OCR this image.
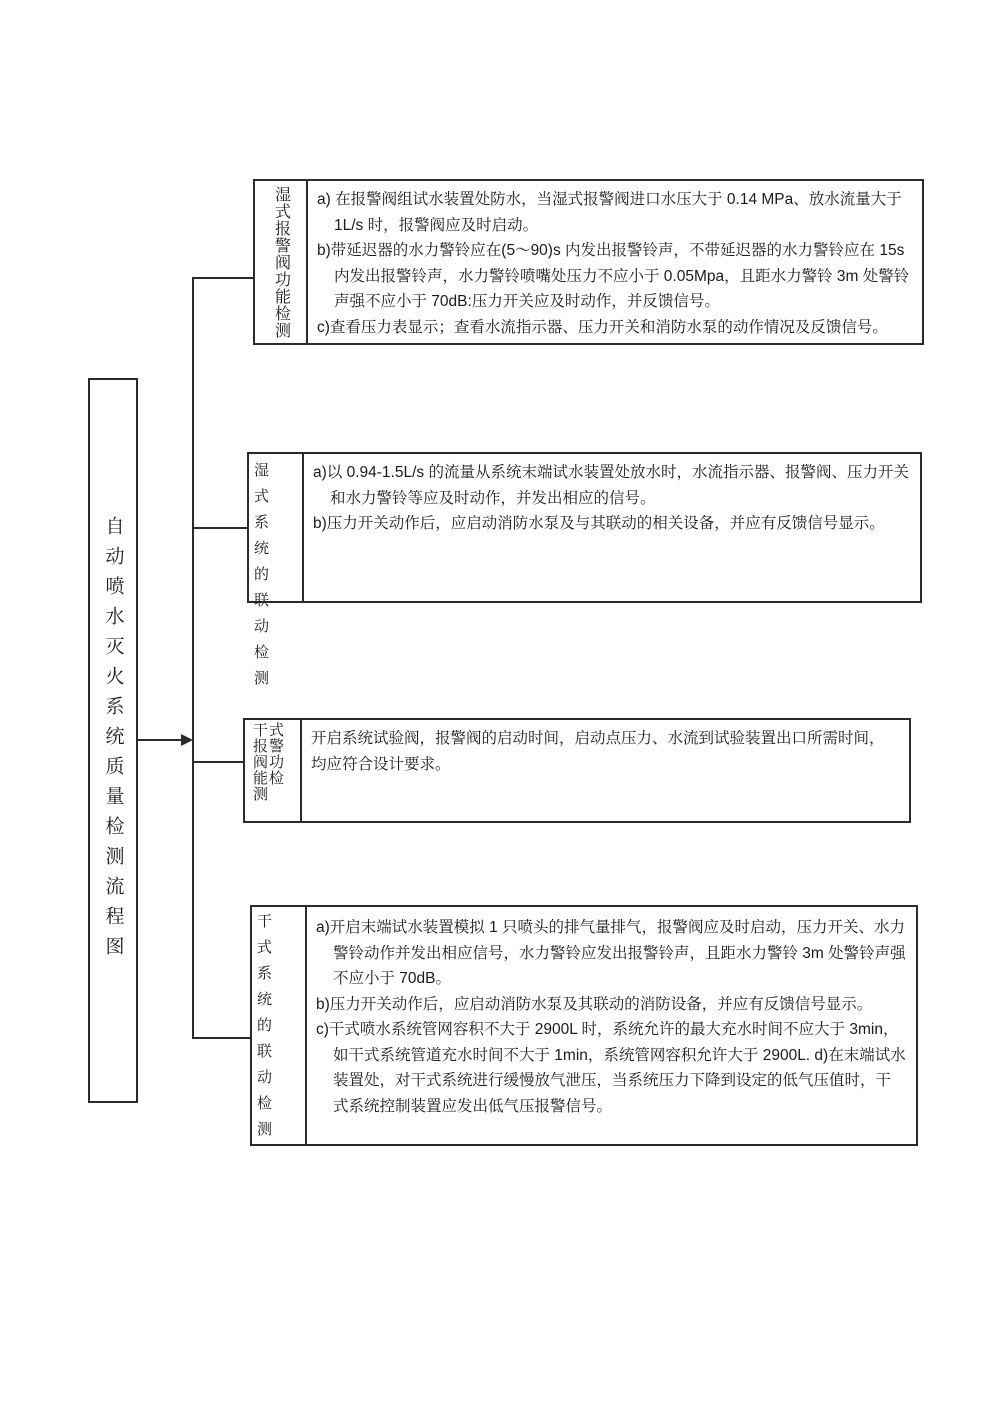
自动喷水灭火系统质量检测流程图
湿式报警阀功能检测 a) 在报警阀组试水装置处防水，当湿式报警阀进口水压大于 0.14 MPa、放水流量大于 1L/s 时，报警阀应及时启动。

b)带延迟器的水力警铃应在(5～90)s 内发出报警铃声，不带延迟器的水力警铃应在 15s 内发出报警铃声，水力警铃喷嘴处压力不应小于 0.05Mpa，且距水力警铃 3m 处警铃声强不应小于 70dB:压力开关应及时动作，并反馈信号。

c)查看压力表显示；查看水流指示器、压力开关和消防水泵的动作情况及反馈信号。

湿式系统的联动检测

a)以 0.94-1.5L/s 的流量从系统末端试水装置处放水时，水流指示器、报警阀、压力开关和水力警铃等应及时动作，并发出相应的信号。

b)压力开关动作后，应启动消防水泵及与其联动的相关设备，并应有反馈信号显示。

干式报警阀功能检测

开启系统试验阀，报警阀的启动时间，启动点压力、水流到试验装置出口所需时间，均应符合设计要求。

干式系统的联动检测

a)开启末端试水装置模拟 1 只喷头的排气量排气，报警阀应及时启动，压力开关、水力警铃动作并发出相应信号，水力警铃应发出报警铃声，且距水力警铃 3m 处警铃声强不应小于 70dB。

b)压力开关动作后，应启动消防水泵及其联动的消防设备，并应有反馈信号显示。

c)干式喷水系统管网容积不大于 2900L 时，系统允许的最大充水时间不应大于 3min，如干式系统管道充水时间不大于 1min，系统管网容积允许大于 2900L. d)在末端试水装置处，对干式系统进行缓慢放气泄压，当系统压力下降到设定的低气压值时，干式系统控制装置应发出低气压报警信号。
